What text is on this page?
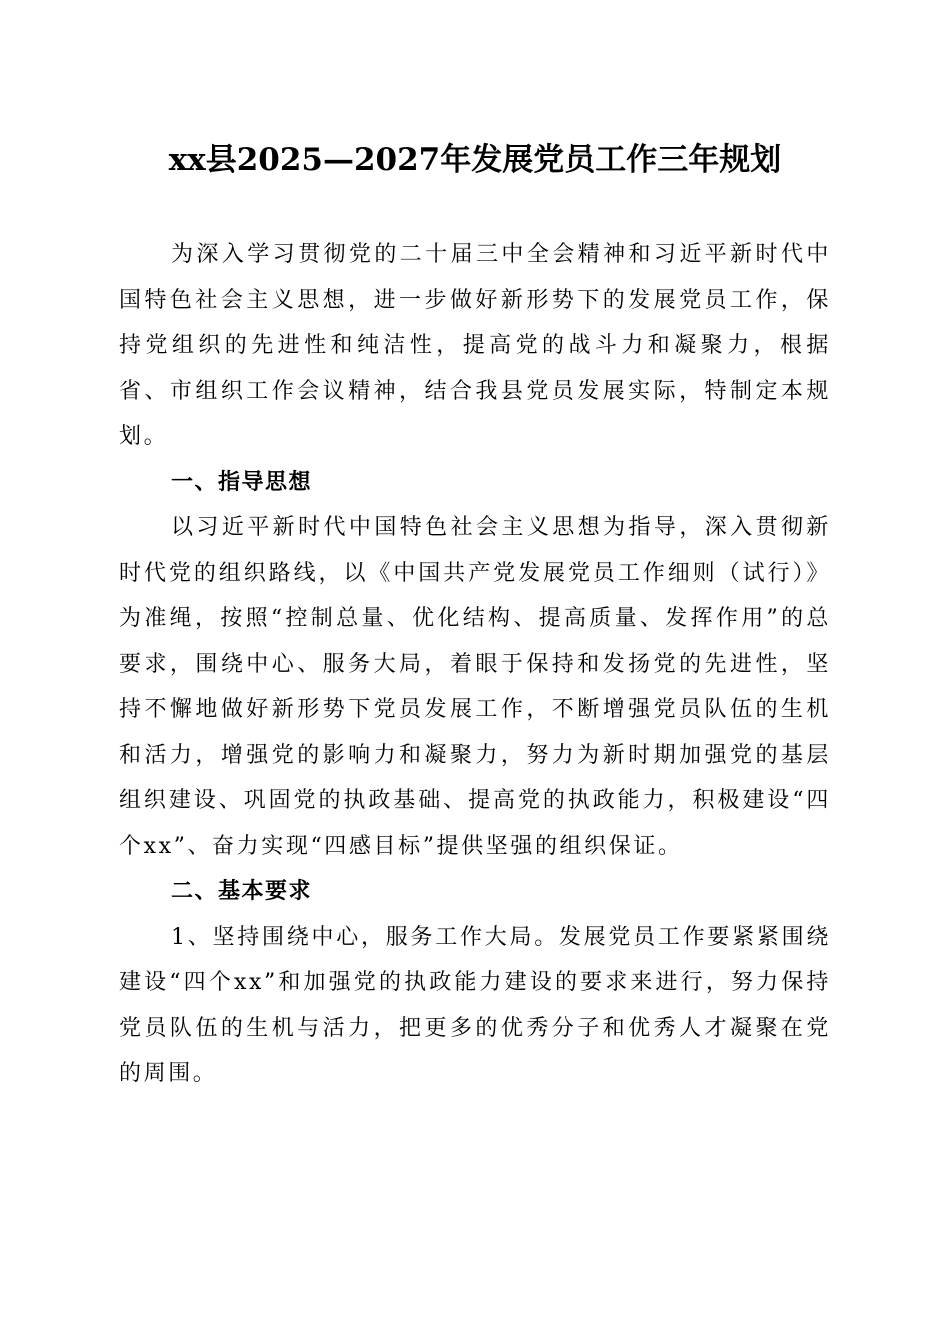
xx县2025—2027年发展党员工作三年规划

为深入学习贯彻党的二十届三中全会精神和习近平新时代中国特色社会主义思想，进一步做好新形势下的发展党员工作，保持党组织的先进性和纯洁性，提高党的战斗力和凝聚力，根据省、市组织工作会议精神，结合我县党员发展实际，特制定本规划。

一、指导思想

以习近平新时代中国特色社会主义思想为指导，深入贯彻新时代党的组织路线，以《中国共产党发展党员工作细则（试行）》为准绳，按照“控制总量、优化结构、提高质量、发挥作用”的总要求，围绕中心、服务大局，着眼于保持和发扬党的先进性，坚持不懈地做好新形势下党员发展工作，不断增强党员队伍的生机和活力，增强党的影响力和凝聚力，努力为新时期加强党的基层组织建设、巩固党的执政基础、提高党的执政能力，积极建设“四个xx”、奋力实现“四感目标”提供坚强的组织保证。

二、基本要求

1、坚持围绕中心，服务工作大局。发展党员工作要紧紧围绕建设“四个xx”和加强党的执政能力建设的要求来进行，努力保持党员队伍的生机与活力，把更多的优秀分子和优秀人才凝聚在党的周围。
